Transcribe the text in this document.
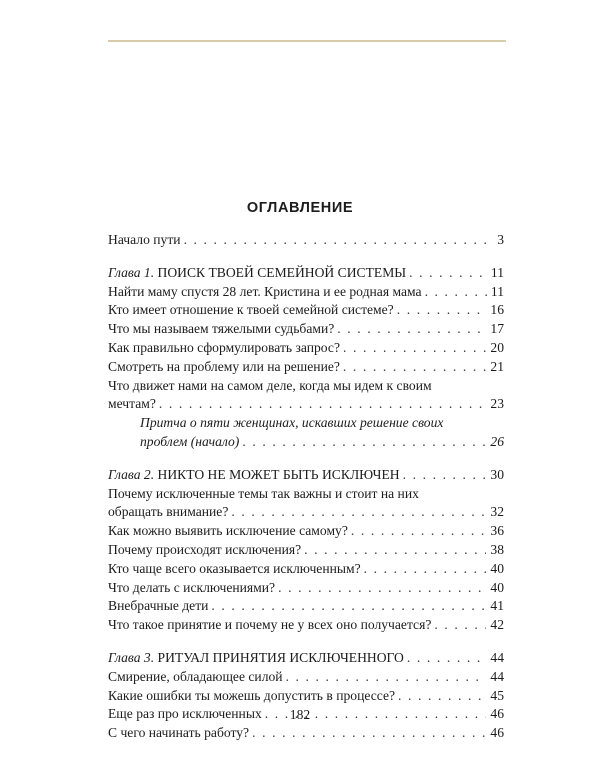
ОГЛАВЛЕНИЕ
Начало пути . . .	3
Глава 1. ПОИСК ТВОЕЙ СЕМЕЙНОЙ СИСТЕМЫ . . .	11
Найти маму спустя 28 лет. Кристина и ее родная мама . . .	11
Кто имеет отношение к твоей семейной системе? . . .	16
Что мы называем тяжелыми судьбами? . . .	17
Как правильно сформулировать запрос? . . .	20
Смотреть на проблему или на решение? . . .	21
Что движет нами на самом деле, когда мы идем к своим
мечтам? . . .	23
Притча о пяти женщинах, искавших решение своих
проблем (начало) . . .	26
Глава 2. НИКТО НЕ МОЖЕТ БЫТЬ ИСКЛЮЧЕН . . .	30
Почему исключенные темы так важны и стоит на них
обращать внимание? . . .	32
Как можно выявить исключение самому? . . .	36
Почему происходят исключения? . . .	38
Кто чаще всего оказывается исключенным? . . .	40
Что делать с исключениями? . . .	40
Внебрачные дети . . .	41
Что такое принятие и почему не у всех оно получается? . . .	42
Глава 3. РИТУАЛ ПРИНЯТИЯ ИСКЛЮЧЕННОГО . . .	44
Смирение, обладающее силой . . .	44
Какие ошибки ты можешь допустить в процессе? . . .	45
Еще раз про исключенных . . .	46
С чего начинать работу? . . .	46
182
